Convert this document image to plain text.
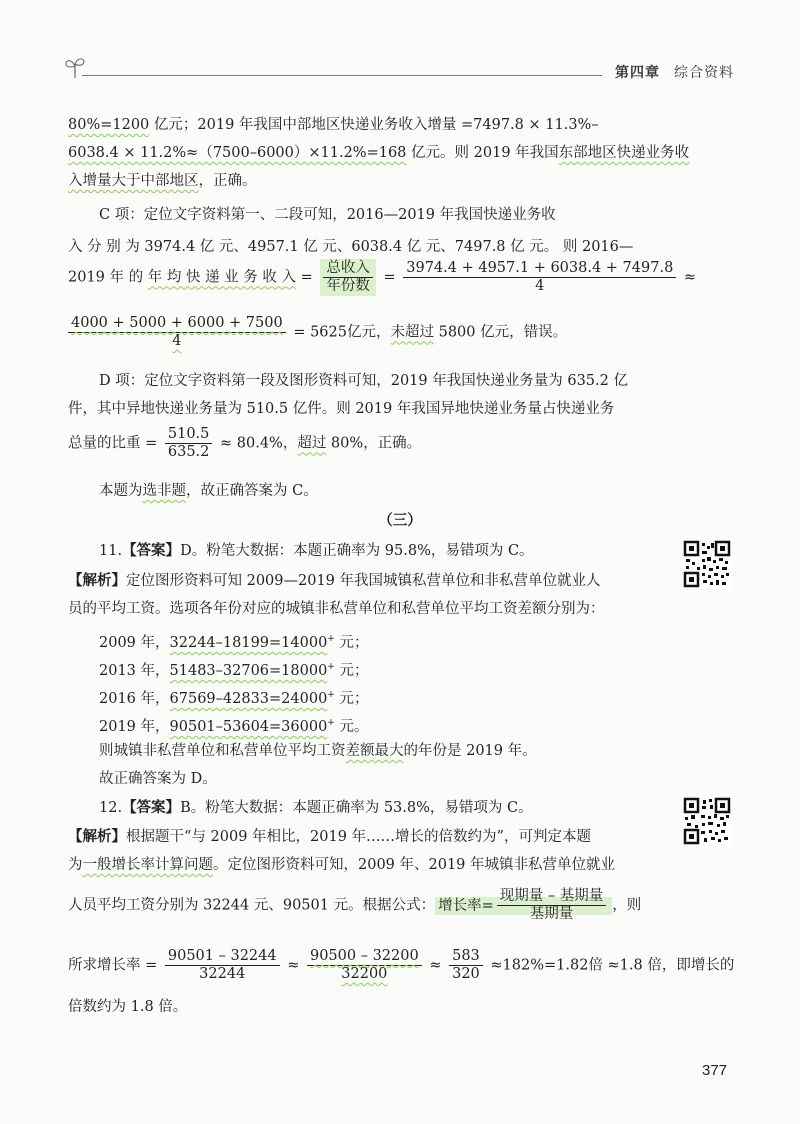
第四章 综合资料
80%=1200 亿元；2019 年我国中部地区快递业务收入增量 =7497.8 × 11.3%–
6038.4 × 11.2%≈（7500–6000）×11.2%=168 亿元。则 2019 年我国东部地区快递业务收
入增量大于中部地区，正确。
C 项：定位文字资料第一、二段可知，2016—2019 年我国快递业务收
入 分 别 为 3974.4 亿 元、4957.1 亿 元、6038.4 亿 元、7497.8 亿 元。 则 2016—
2019 年 的 年 均 快 递 业 务 收 入 = $\frac{\text{总收入}}{\text{年份数}} = \frac{3974.4 + 4957.1 + 6038.4 + 7497.8}{4}$ ≈
$\frac{4000 + 5000 + 6000 + 7500}{4} = 5625$亿元，未超过 5800 亿元，错误。
D 项：定位文字资料第一段及图形资料可知，2019 年我国快递业务量为 635.2 亿
件，其中异地快递业务量为 510.5 亿件。则 2019 年我国异地快递业务量占快递业务
总量的比重 = $\frac{510.5}{635.2} \approx 80.4\%$，超过 80%，正确。
本题为选非题，故正确答案为 C。
（三）
11.【答案】D。粉笔大数据：本题正确率为 95.8%，易错项为 C。
【解析】定位图形资料可知 2009—2019 年我国城镇私营单位和非私营单位就业人
员的平均工资。选项各年份对应的城镇非私营单位和私营单位平均工资差额分别为：
2009 年，32244–18199=14000+ 元；
2013 年，51483–32706=18000+ 元；
2016 年，67569–42833=24000+ 元；
2019 年，90501–53604=36000+ 元。
则城镇非私营单位和私营单位平均工资差额最大的年份是 2019 年。
故正确答案为 D。
12.【答案】B。粉笔大数据：本题正确率为 53.8%，易错项为 C。
【解析】根据题干“与 2009 年相比，2019 年……增长的倍数约为”，可判定本题
为一般增长率计算问题。定位图形资料可知，2009 年、2019 年城镇非私营单位就业
人员平均工资分别为 32244 元、90501 元。根据公式： 增长率= $\frac{\text{现期量 – 基期量}}{\text{基期量}}$ ，则
所求增长率 = $\frac{90501 - 32244}{32244} \approx \frac{90500 - 32200}{32200} \approx \frac{583}{320} \approx 182\%=1.82$倍 ≈1.8 倍，即增长的
倍数约为 1.8 倍。
377
